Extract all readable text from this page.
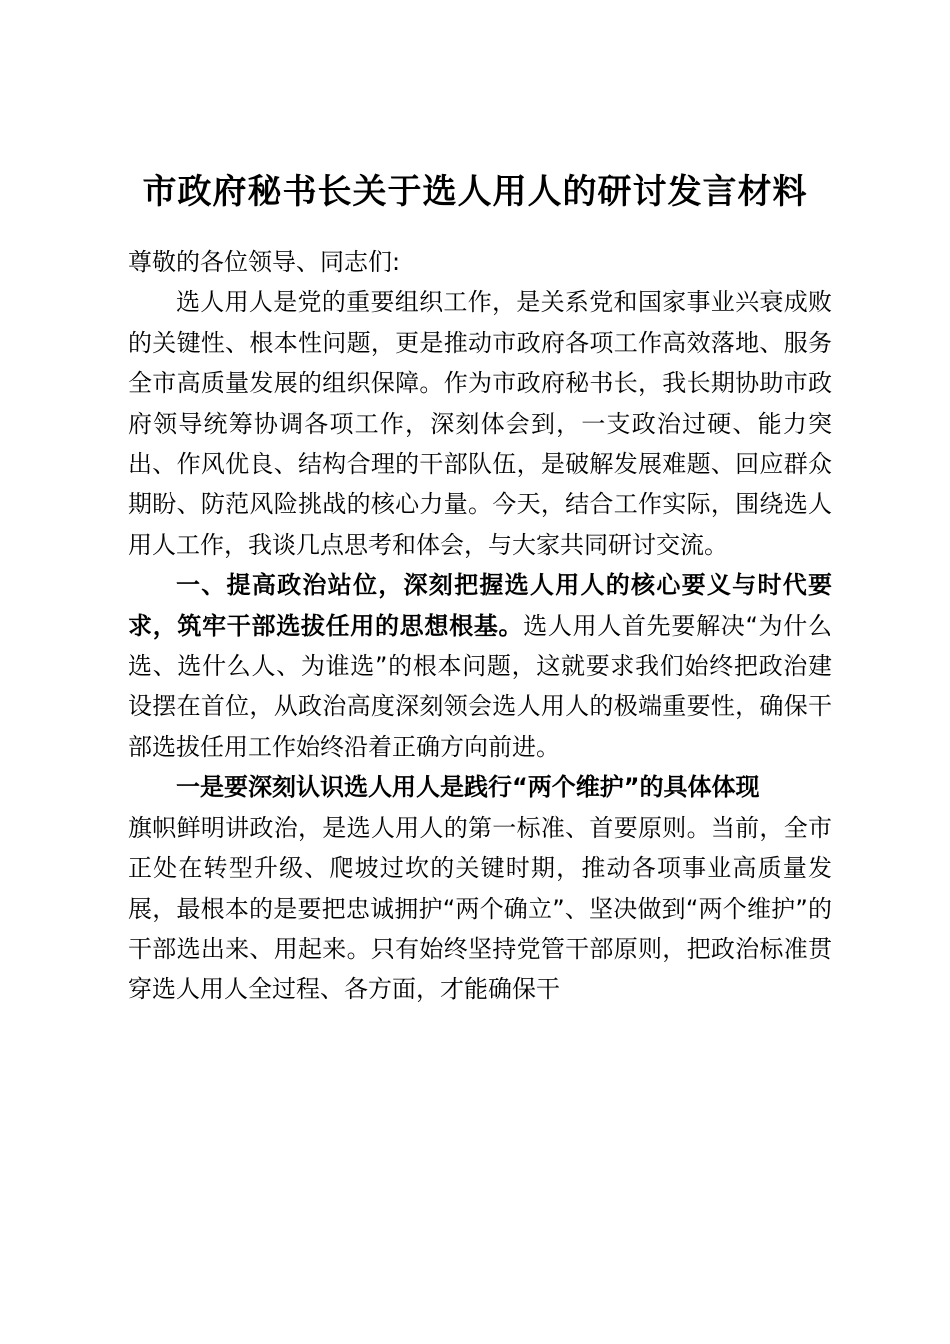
市政府秘书长关于选人用人的研讨发言材料

尊敬的各位领导、同志们:

选人用人是党的重要组织工作，是关系党和国家事业兴衰成败的关键性、根本性问题，更是推动市政府各项工作高效落地、服务全市高质量发展的组织保障。作为市政府秘书长，我长期协助市政府领导统筹协调各项工作，深刻体会到，一支政治过硬、能力突出、作风优良、结构合理的干部队伍，是破解发展难题、回应群众期盼、防范风险挑战的核心力量。今天，结合工作实际，围绕选人用人工作，我谈几点思考和体会，与大家共同研讨交流。

一、提高政治站位，深刻把握选人用人的核心要义与时代要求，筑牢干部选拔任用的思想根基。选人用人首先要解决“为什么选、选什么人、为谁选”的根本问题，这就要求我们始终把政治建设摆在首位，从政治高度深刻领会选人用人的极端重要性，确保干部选拔任用工作始终沿着正确方向前进。

一是要深刻认识选人用人是践行“两个维护”的具体体现

旗帜鲜明讲政治，是选人用人的第一标准、首要原则。当前，全市正处在转型升级、爬坡过坎的关键时期，推动各项事业高质量发展，最根本的是要把忠诚拥护“两个确立”、坚决做到“两个维护”的干部选出来、用起来。只有始终坚持党管干部原则，把政治标准贯穿选人用人全过程、各方面，才能确保干
